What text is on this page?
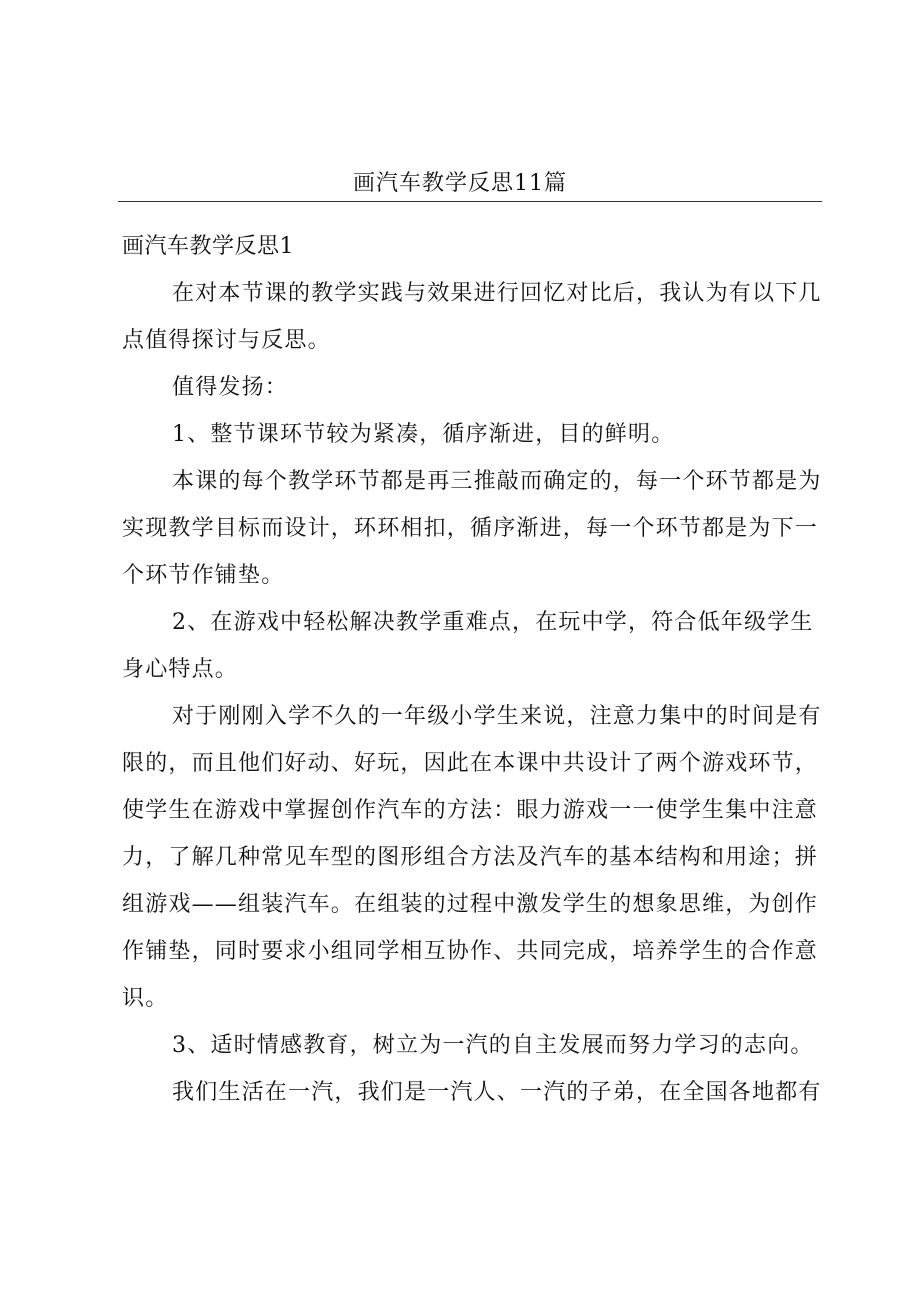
画汽车教学反思11篇
画汽车教学反思1

在对本节课的教学实践与效果进行回忆对比后，我认为有以下几点值得探讨与反思。

值得发扬：

1、整节课环节较为紧凑，循序渐进，目的鲜明。

本课的每个教学环节都是再三推敲而确定的，每一个环节都是为实现教学目标而设计，环环相扣，循序渐进，每一个环节都是为下一个环节作铺垫。

2、在游戏中轻松解决教学重难点，在玩中学，符合低年级学生身心特点。

对于刚刚入学不久的一年级小学生来说，注意力集中的时间是有限的，而且他们好动、好玩，因此在本课中共设计了两个游戏环节，使学生在游戏中掌握创作汽车的方法：眼力游戏一一使学生集中注意力，了解几种常见车型的图形组合方法及汽车的基本结构和用途；拼组游戏——组装汽车。在组装的过程中激发学生的想象思维，为创作作铺垫，同时要求小组同学相互协作、共同完成，培养学生的合作意识。

3、适时情感教育，树立为一汽的自主发展而努力学习的志向。

我们生活在一汽，我们是一汽人、一汽的子弟，在全国各地都有
